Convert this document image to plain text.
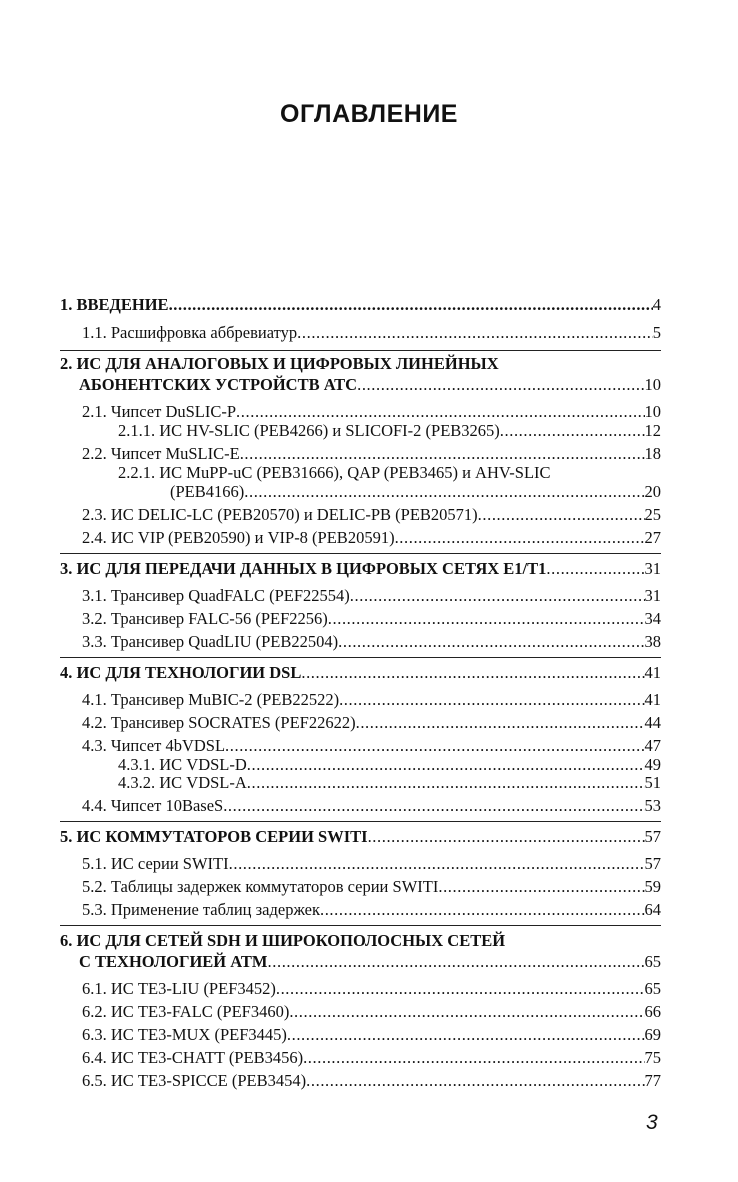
ОГЛАВЛЕНИЕ
1. ВВЕДЕНИЕ .....	4
1.1. Расшифровка аббревиатур .....	5
2. ИС ДЛЯ АНАЛОГОВЫХ И ЦИФРОВЫХ ЛИНЕЙНЫХ
АБОНЕНТСКИХ УСТРОЙСТВ АТС .....	10
2.1. Чипсет DuSLIC-P .....	10
2.1.1. ИС HV-SLIC (PEB4266) и SLICOFI-2 (PEB3265) .....	12
2.2. Чипсет MuSLIC-E .....	18
2.2.1. ИС MuPP-uC (PEB31666), QAP (PEB3465) и AHV-SLIC
(PEB4166) .....	20
2.3. ИС DELIC-LC (PEB20570) и DELIC-PB (PEB20571) .....	25
2.4. ИС VIP (PEB20590) и VIP-8 (PEB20591) .....	27
3. ИС ДЛЯ ПЕРЕДАЧИ ДАННЫХ В ЦИФРОВЫХ СЕТЯХ E1/T1 .....	31
3.1. Трансивер QuadFALC (PEF22554) .....	31
3.2. Трансивер FALC-56 (PEF2256) .....	34
3.3. Трансивер QuadLIU (PEB22504) .....	38
4. ИС ДЛЯ ТЕХНОЛОГИИ DSL .....	41
4.1. Трансивер MuBIC-2 (PEB22522) .....	41
4.2. Трансивер SOCRATES (PEF22622) .....	44
4.3. Чипсет 4bVDSL .....	47
4.3.1. ИС VDSL-D .....	49
4.3.2. ИС VDSL-A .....	51
4.4. Чипсет 10BaseS .....	53
5. ИС КОММУТАТОРОВ СЕРИИ SWITI .....	57
5.1. ИС серии SWITI .....	57
5.2. Таблицы задержек коммутаторов серии SWITI .....	59
5.3. Применение таблиц задержек .....	64
6. ИС ДЛЯ СЕТЕЙ SDH И ШИРОКОПОЛОСНЫХ СЕТЕЙ
С ТЕХНОЛОГИЕЙ ATM .....	65
6.1. ИС TE3-LIU (PEF3452) .....	65
6.2. ИС TE3-FALC (PEF3460) .....	66
6.3. ИС TE3-MUX (PEF3445) .....	69
6.4. ИС TE3-CHATT (PEB3456) .....	75
6.5. ИС TE3-SPICCE (PEB3454) .....	77
3
